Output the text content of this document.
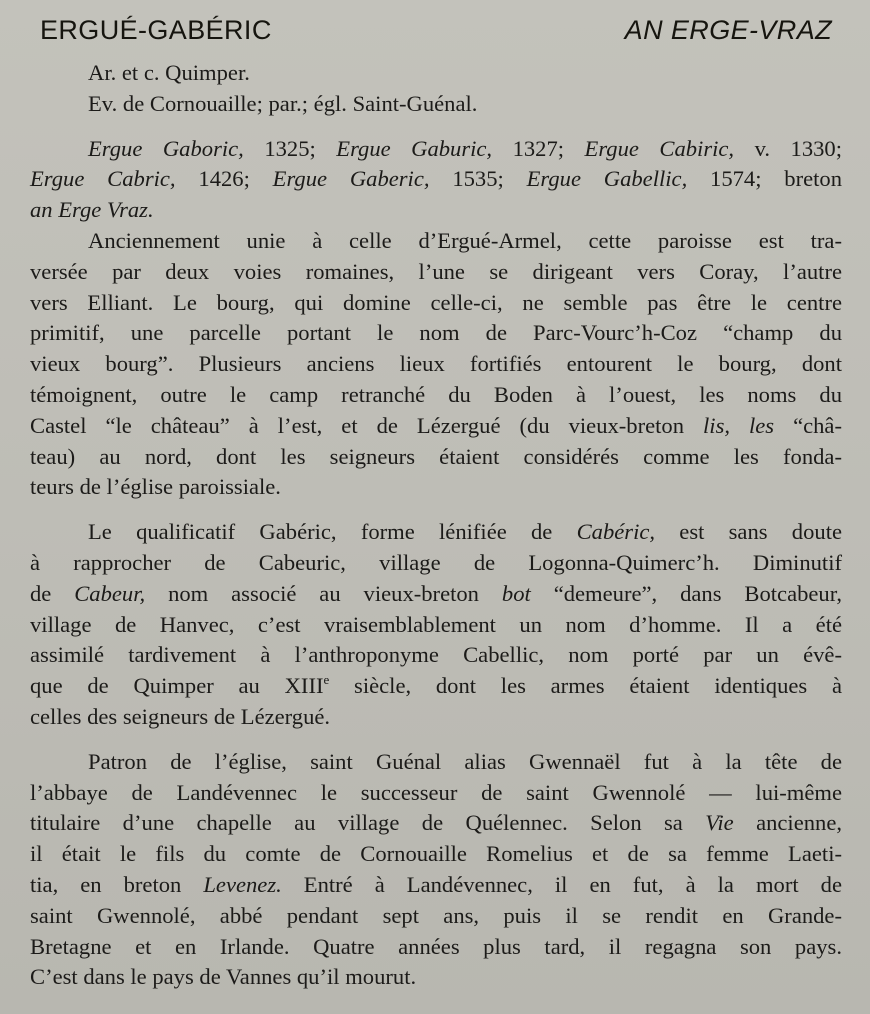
ERGUÉ-GABÉRIC	AN ERGE-VRAZ

Ar. et c. Quimper.

Ev. de Cornouaille; par.; égl. Saint-Guénal.

Ergue Gaboric, 1325; Ergue Gaburic, 1327; Ergue Cabiric, v. 1330;
Ergue Cabric, 1426; Ergue Gaberic, 1535; Ergue Gabellic, 1574; breton
an Erge Vraz.

Anciennement unie à celle d’Ergué-Armel, cette paroisse est tra-
versée par deux voies romaines, l’une se dirigeant vers Coray, l’autre
vers Elliant. Le bourg, qui domine celle-ci, ne semble pas être le centre
primitif, une parcelle portant le nom de Parc-Vourc’h-Coz “champ du
vieux bourg”. Plusieurs anciens lieux fortifiés entourent le bourg, dont
témoignent, outre le camp retranché du Boden à l’ouest, les noms du
Castel “le château” à l’est, et de Lézergué (du vieux-breton lis, les “châ-
teau) au nord, dont les seigneurs étaient considérés comme les fonda-
teurs de l’église paroissiale.

Le qualificatif Gabéric, forme lénifiée de Cabéric, est sans doute
à rapprocher de Cabeuric, village de Logonna-Quimerc’h. Diminutif
de Cabeur, nom associé au vieux-breton bot “demeure”, dans Botcabeur,
village de Hanvec, c’est vraisemblablement un nom d’homme. Il a été
assimilé tardivement à l’anthroponyme Cabellic, nom porté par un évê-
que de Quimper au XIIIe siècle, dont les armes étaient identiques à
celles des seigneurs de Lézergué.

Patron de l’église, saint Guénal alias Gwennaël fut à la tête de
l’abbaye de Landévennec le successeur de saint Gwennolé — lui-même
titulaire d’une chapelle au village de Quélennec. Selon sa Vie ancienne,
il était le fils du comte de Cornouaille Romelius et de sa femme Laeti-
tia, en breton Levenez. Entré à Landévennec, il en fut, à la mort de
saint Gwennolé, abbé pendant sept ans, puis il se rendit en Grande-
Bretagne et en Irlande. Quatre années plus tard, il regagna son pays.
C’est dans le pays de Vannes qu’il mourut.
